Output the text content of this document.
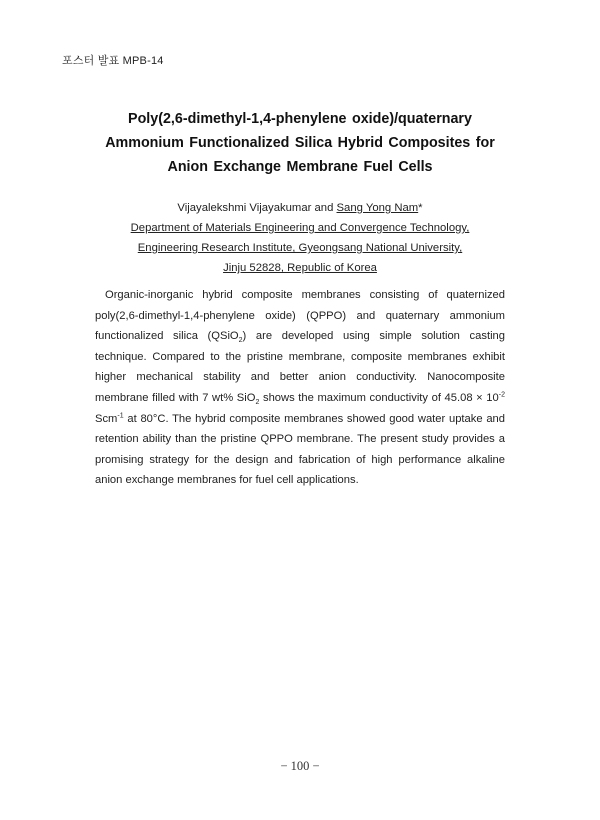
포스터 발표 MPB-14
Poly(2,6-dimethyl-1,4-phenylene oxide)/quaternary
Ammonium Functionalized Silica Hybrid Composites for
Anion Exchange Membrane Fuel Cells
Vijayalekshmi Vijayakumar and Sang Yong Nam*
Department of Materials Engineering and Convergence Technology,
Engineering Research Institute, Gyeongsang National University,
Jinju 52828, Republic of Korea

Organic-inorganic hybrid composite membranes consisting of quaternized poly(2,6-dimethyl-1,4-phenylene oxide) (QPPO) and quaternary ammonium functionalized silica (QSiO$_2$) are developed using simple solution casting technique. Compared to the pristine membrane, composite membranes exhibit higher mechanical stability and better anion conductivity. Nanocomposite membrane filled with 7 wt% SiO$_2$ shows the maximum conductivity of $45.08 \times 10^{-2}$ Scm$^{-1}$ at 80°C. The hybrid composite membranes showed good water uptake and retention ability than the pristine QPPO membrane. The present study provides a promising strategy for the design and fabrication of high performance alkaline anion exchange membranes for fuel cell applications.

− 100 −
